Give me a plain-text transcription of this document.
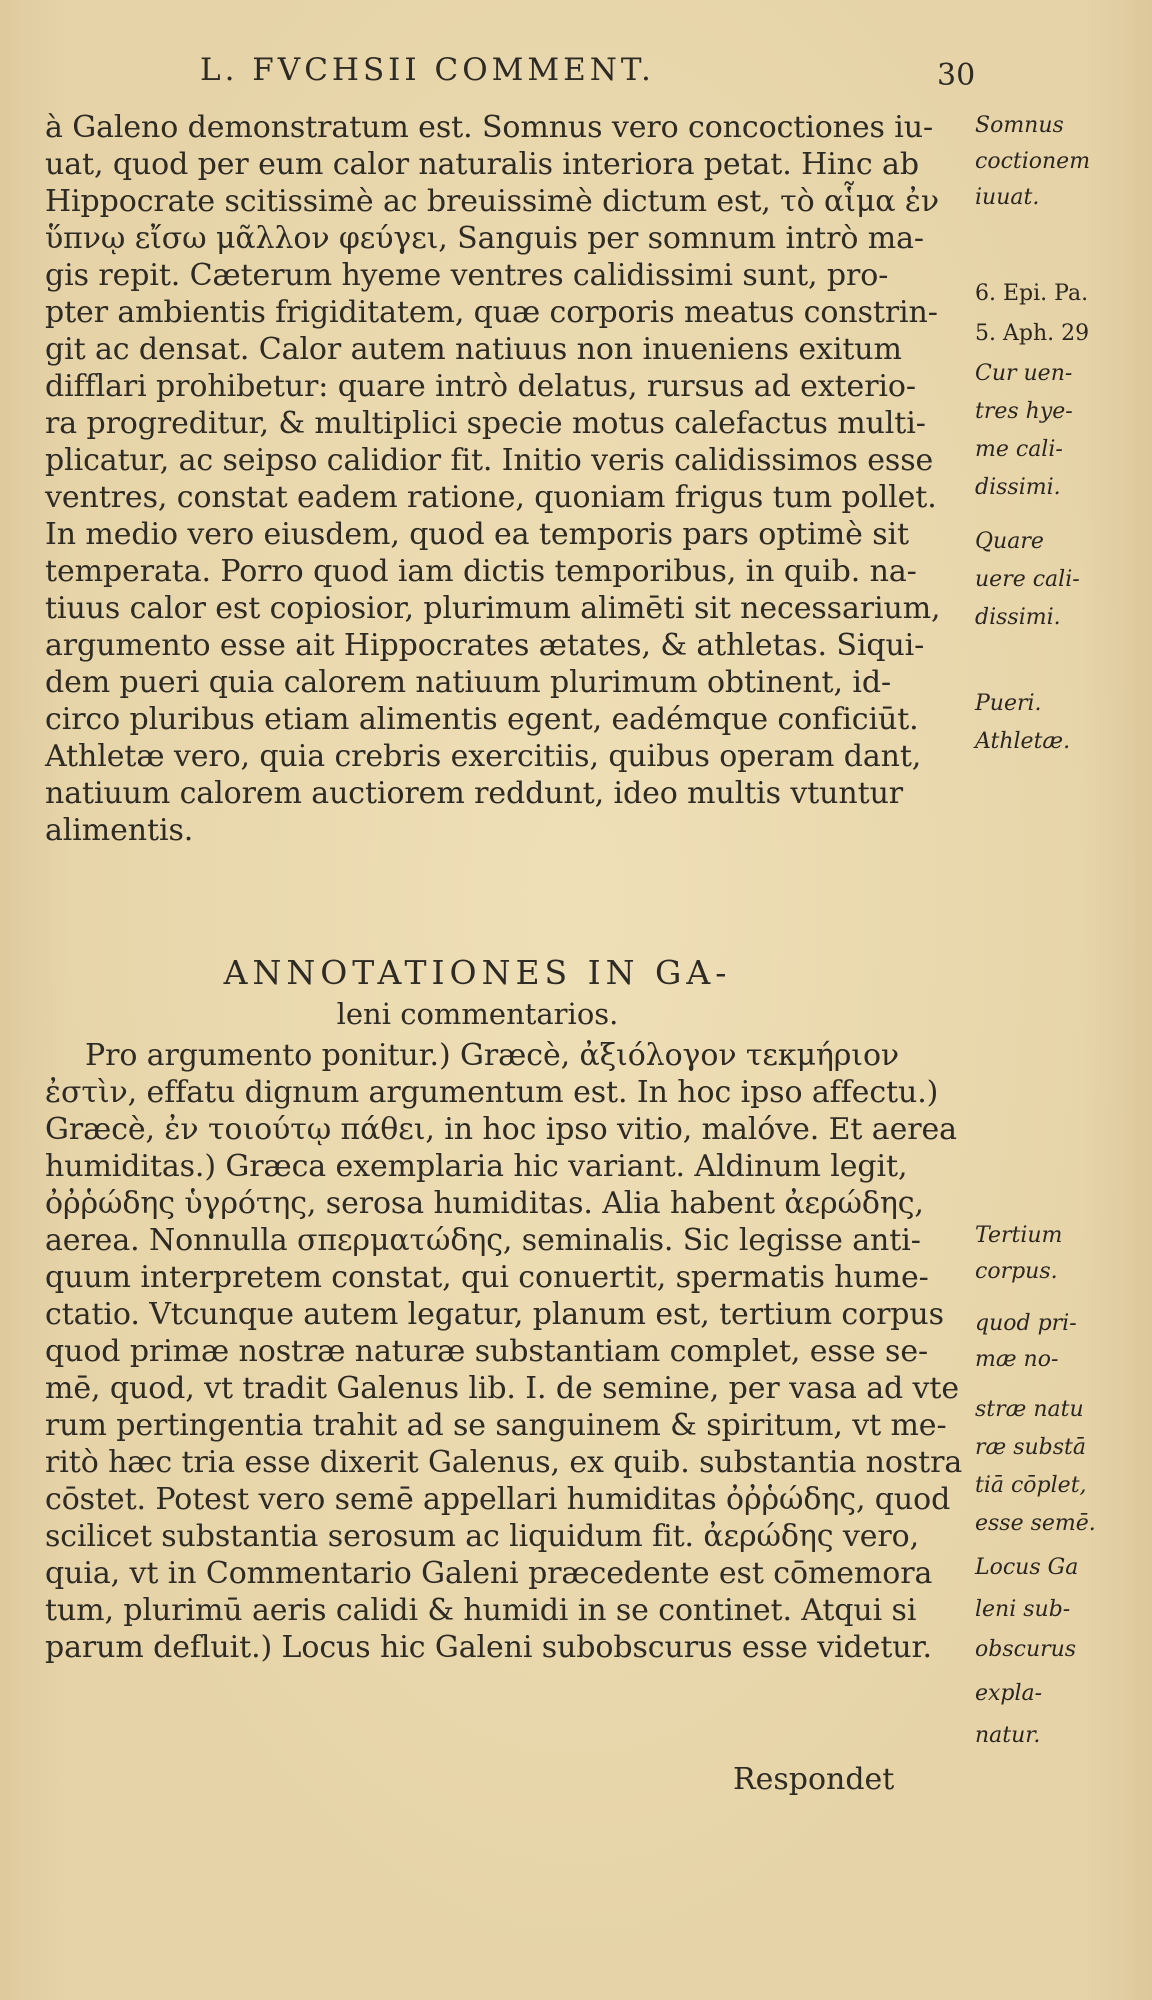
L. FVCHSII COMMENT.	30
à Galeno demonstratum est. Somnus vero concoctiones iu-
uat, quod per eum calor naturalis interiora petat. Hinc ab
Hippocrate scitissimè ac breuissimè dictum est, τὸ αἷμα ἐν
ὕπνῳ εἴσω μᾶλλον φεύγει, Sanguis per somnum intrò ma-
gis repit. Cæterum hyeme ventres calidissimi sunt, pro-
pter ambientis frigiditatem, quæ corporis meatus constrin-
git ac densat. Calor autem natiuus non inueniens exitum
difflari prohibetur: quare intrò delatus, rursus ad exterio-
ra progreditur, & multiplici specie motus calefactus multi-
plicatur, ac seipso calidior fit. Initio veris calidissimos esse
ventres, constat eadem ratione, quoniam frigus tum pollet.
In medio vero eiusdem, quod ea temporis pars optimè sit
temperata. Porro quod iam dictis temporibus, in quib. na-
tiuus calor est copiosior, plurimum alimēti sit necessarium,
argumento esse ait Hippocrates ætates, & athletas. Siqui-
dem pueri quia calorem natiuum plurimum obtinent, id-
circo pluribus etiam alimentis egent, eadémque conficiūt.
Athletæ vero, quia crebris exercitiis, quibus operam dant,
natiuum calorem auctiorem reddunt, ideo multis vtuntur
alimentis.
ANNOTATIONES IN GA-
leni commentarios.
Pro argumento ponitur.) Græcè, ἀξιόλογον τεκμήριον
ἐστὶν, effatu dignum argumentum est. In hoc ipso affectu.)
Græcè, ἐν τοιούτῳ πάθει, in hoc ipso vitio, malóve. Et aerea
humiditas.) Græca exemplaria hic variant. Aldinum legit,
ὀῤῥώδης ὑγρότης, serosa humiditas. Alia habent ἀερώδης,
aerea. Nonnulla σπερματώδης, seminalis. Sic legisse anti-
quum interpretem constat, qui conuertit, spermatis hume-
ctatio. Vtcunque autem legatur, planum est, tertium corpus
quod primæ nostræ naturæ substantiam complet, esse se-
mē, quod, vt tradit Galenus lib. I. de semine, per vasa ad vte
rum pertingentia trahit ad se sanguinem & spiritum, vt me-
ritò hæc tria esse dixerit Galenus, ex quib. substantia nostra
cōstet. Potest vero semē appellari humiditas ὀῤῥώδης, quod
scilicet substantia serosum ac liquidum fit. ἀερώδης vero,
quia, vt in Commentario Galeni præcedente est cōmemora
tum, plurimū aeris calidi & humidi in se continet. Atqui si
parum defluit.) Locus hic Galeni subobscurus esse videtur.
Respondet
Somnus
coctionem
iuuat.
6. Epi. Pa.
5. Aph. 29
Cur uen-
tres hye-
me cali-
dissimi.
Quare
uere cali-
dissimi.
Pueri.
Athletæ.
Tertium
corpus.
quod pri-
mæ no-
stræ natu
ræ substā
tiā cōplet,
esse semē.
Locus Ga
leni sub-
obscurus
expla-
natur.
